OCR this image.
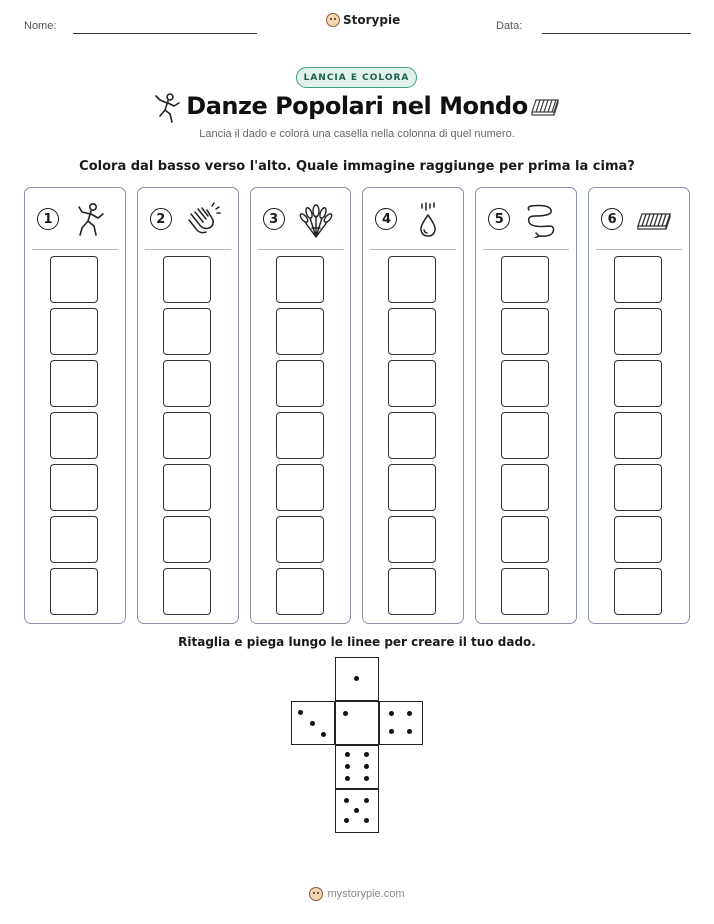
Nome:	Storypie	Data:
LANCIA E COLORA
Danze Popolari nel Mondo
Lancia il dado e colora una casella nella colonna di quel numero.
Colora dal basso verso l'alto. Quale immagine raggiunge per prima la cima?
1	2	3	4	5	6
Ritaglia e piega lungo le linee per creare il tuo dado.
mystorypie.com
